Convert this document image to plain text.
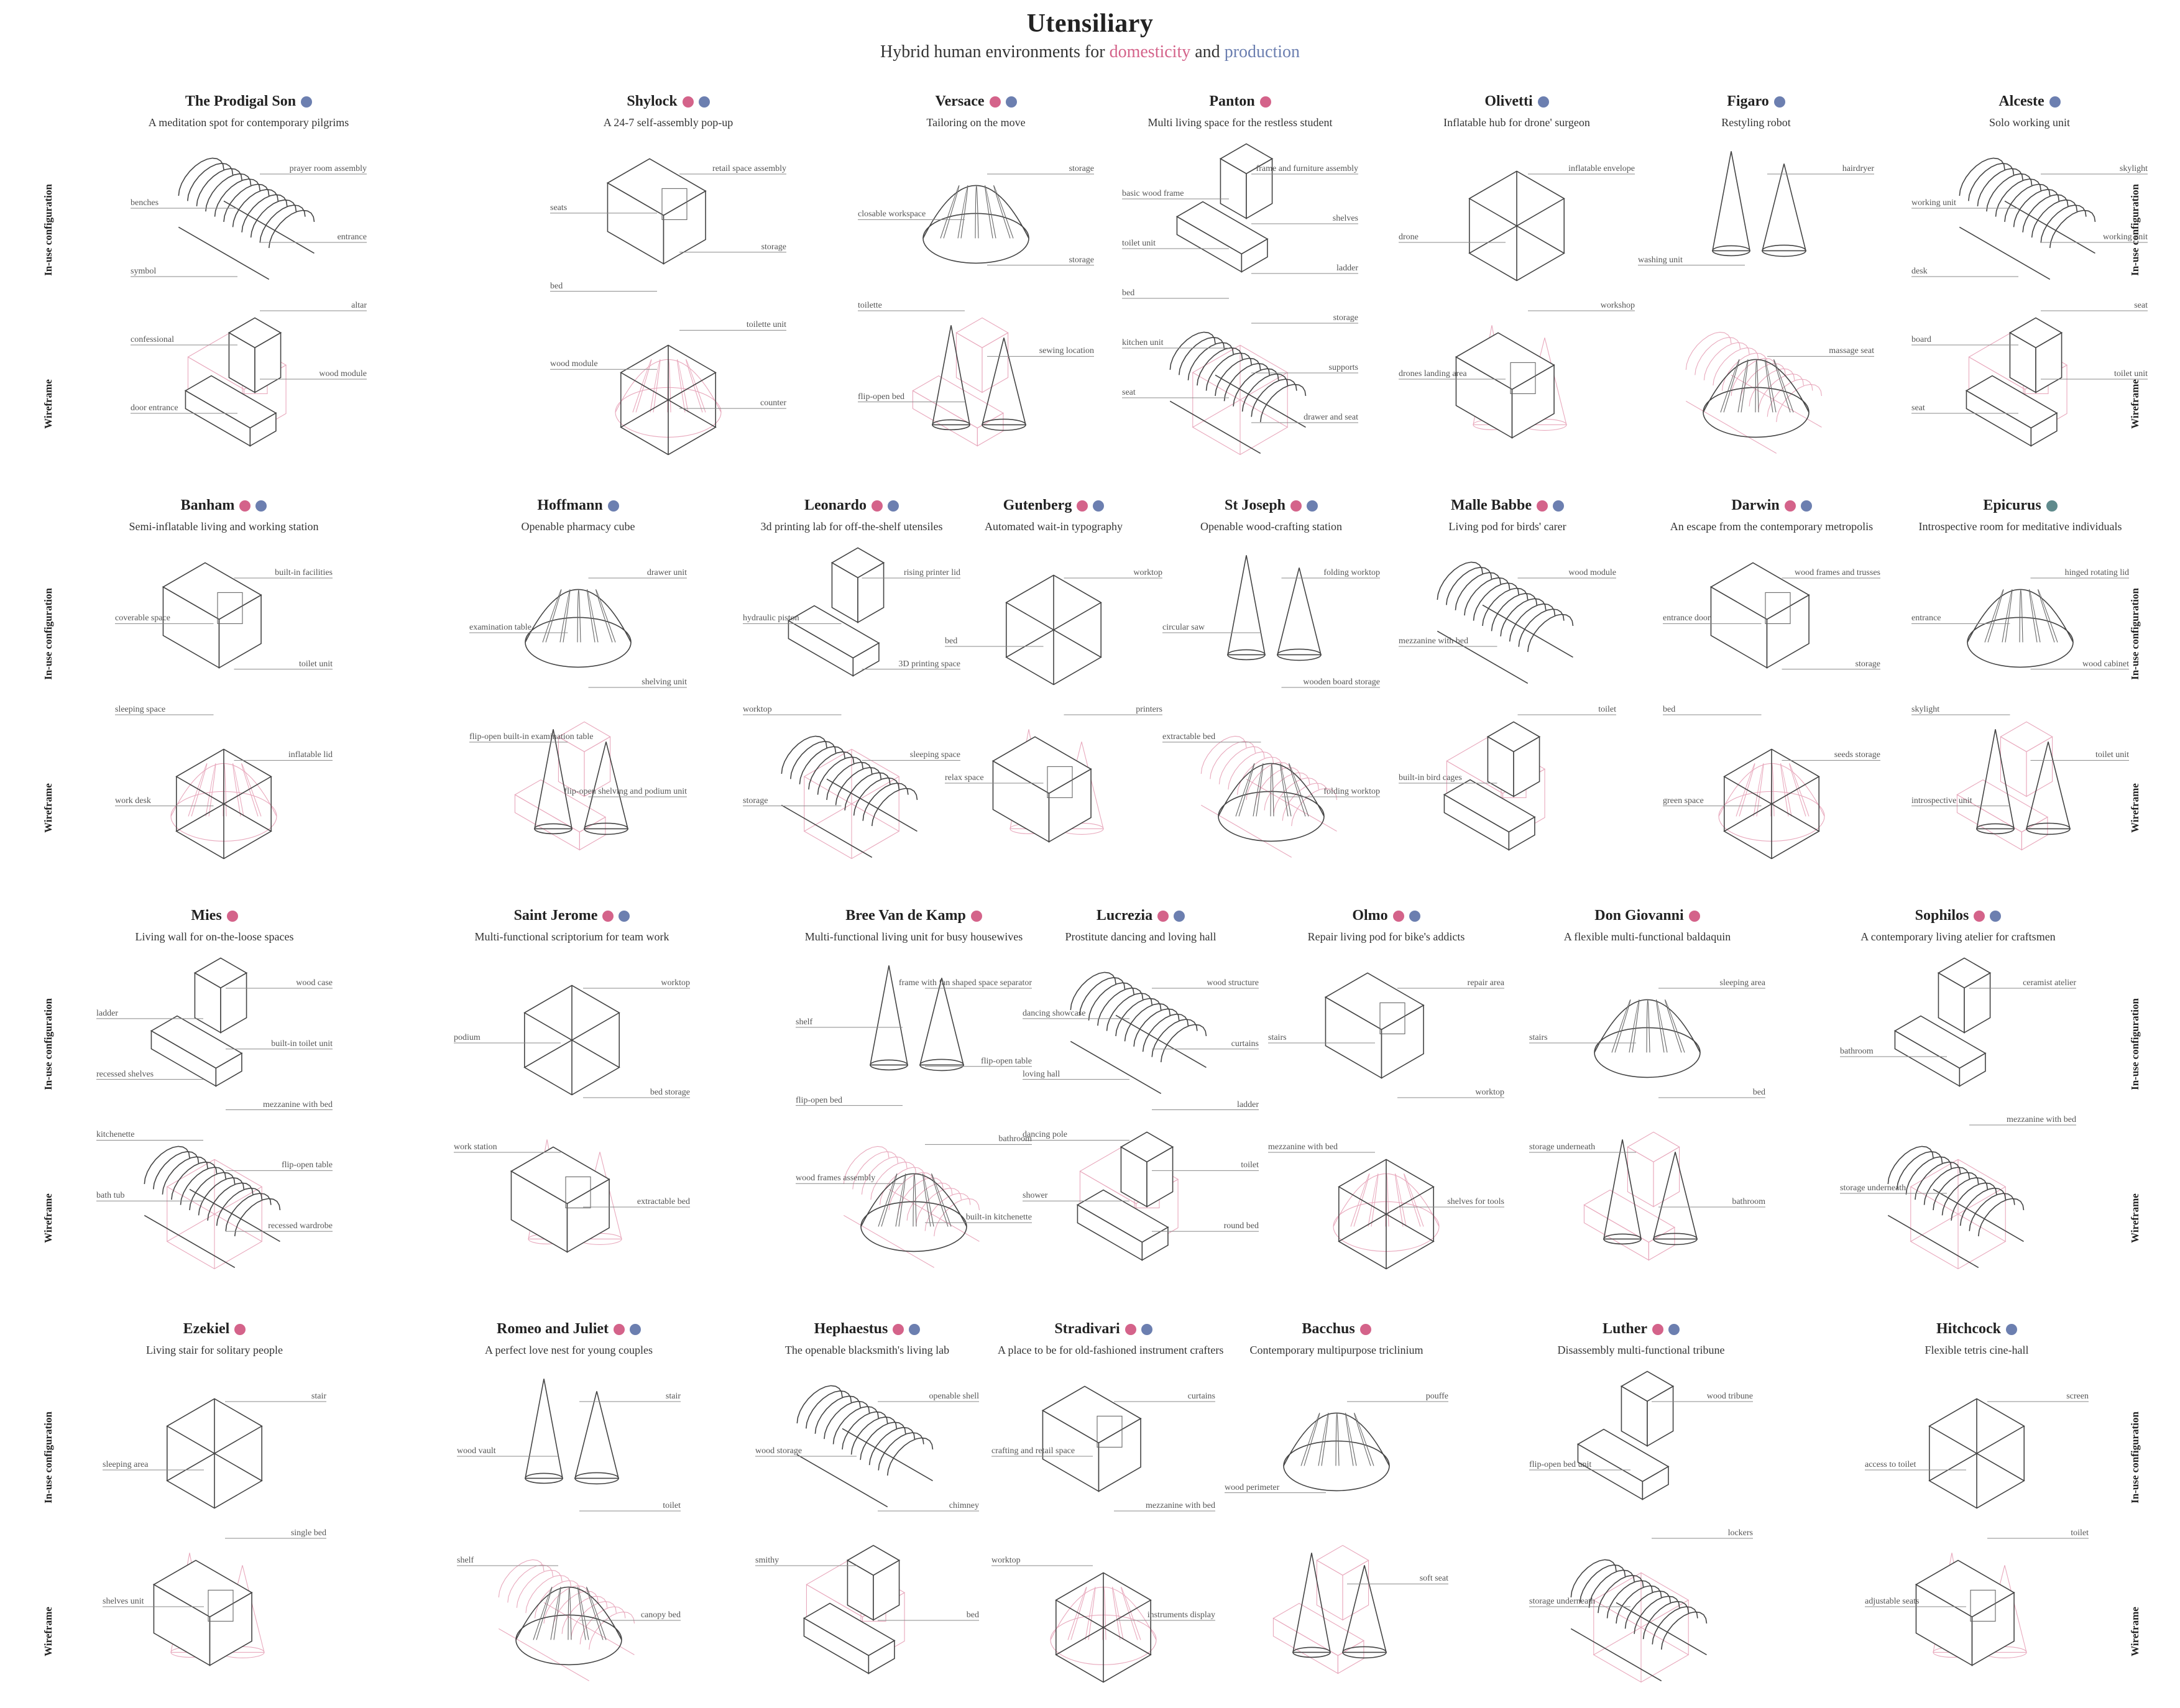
Utensiliary
Hybrid human environments for domesticity and production
In-use configuration
Wireframe
In-use configuration
Wireframe
In-use configuration
Wireframe
In-use configuration
Wireframe
In-use configuration
Wireframe
In-use configuration
Wireframe
In-use configuration
Wireframe
In-use configuration
Wireframe
The Prodigal Son
A meditation spot for contemporary pilgrims
prayer room assembly
benches
entrance
symbol
altar
confessional
wood module
door entrance
Shylock
A 24-7 self-assembly pop-up
retail space assembly
seats
storage
bed
toilette unit
wood module
counter
Versace
Tailoring on the move
storage
closable workspace
storage
toilette
sewing location
flip-open bed
Panton
Multi living space for the restless student
frame and furniture assembly
basic wood frame
shelves
toilet unit
ladder
bed
storage
kitchen unit
supports
seat
drawer and seat
Olivetti
Inflatable hub for drone' surgeon
inflatable envelope
drone
workshop
drones landing area
Figaro
Restyling robot
hairdryer
washing unit
massage seat
Alceste
Solo working unit
skylight
working unit
working unit
desk
seat
board
toilet unit
seat
Banham
Semi-inflatable living and working station
built-in facilities
coverable space
toilet unit
sleeping space
inflatable lid
work desk
Hoffmann
Openable pharmacy cube
drawer unit
examination table
shelving unit
flip-open built-in examination table
flip-open shelving and podium unit
Leonardo
3d printing lab for off-the-shelf utensiles
rising printer lid
hydraulic piston
3D printing space
worktop
sleeping space
storage
Gutenberg
Automated wait-in typography
worktop
bed
printers
relax space
St Joseph
Openable wood-crafting station
folding worktop
circular saw
wooden board storage
extractable bed
folding worktop
Malle Babbe
Living pod for birds' carer
wood module
mezzanine with bed
toilet
built-in bird cages
Darwin
An escape from the contemporary metropolis
wood frames and trusses
entrance door
storage
bed
seeds storage
green space
Epicurus
Introspective room for meditative individuals
hinged rotating lid
entrance
wood cabinet
skylight
toilet unit
introspective unit
Mies
Living wall for on-the-loose spaces
wood case
ladder
built-in toilet unit
recessed shelves
mezzanine with bed
kitchenette
flip-open table
bath tub
recessed wardrobe
Saint Jerome
Multi-functional scriptorium for team work
worktop
podium
bed storage
work station
extractable bed
Bree Van de Kamp
Multi-functional living unit for busy housewives
frame with fan shaped space separator
shelf
flip-open table
flip-open bed
bathroom
wood frames assembly
built-in kitchenette
Lucrezia
Prostitute dancing and loving hall
wood structure
dancing showcase
curtains
loving hall
ladder
dancing pole
toilet
shower
round bed
Olmo
Repair living pod for bike's addicts
repair area
stairs
worktop
mezzanine with bed
shelves for tools
Don Giovanni
A flexible multi-functional baldaquin
sleeping area
stairs
bed
storage underneath
bathroom
Sophilos
A contemporary living atelier for craftsmen
ceramist atelier
bathroom
mezzanine with bed
storage underneath
Ezekiel
Living stair for solitary people
stair
sleeping area
single bed
shelves unit
Romeo and Juliet
A perfect love nest for young couples
stair
wood vault
toilet
shelf
canopy bed
Hephaestus
The openable blacksmith's living lab
openable shell
wood storage
chimney
smithy
bed
Stradivari
A place to be for old-fashioned instrument crafters
curtains
crafting and retail space
mezzanine with bed
worktop
instruments display
Bacchus
Contemporary multipurpose triclinium
pouffe
wood perimeter
soft seat
Luther
Disassembly multi-functional tribune
wood tribune
flip-open bed unit
lockers
storage underneath
Hitchcock
Flexible tetris cine-hall
screen
access to toilet
toilet
adjustable seats
